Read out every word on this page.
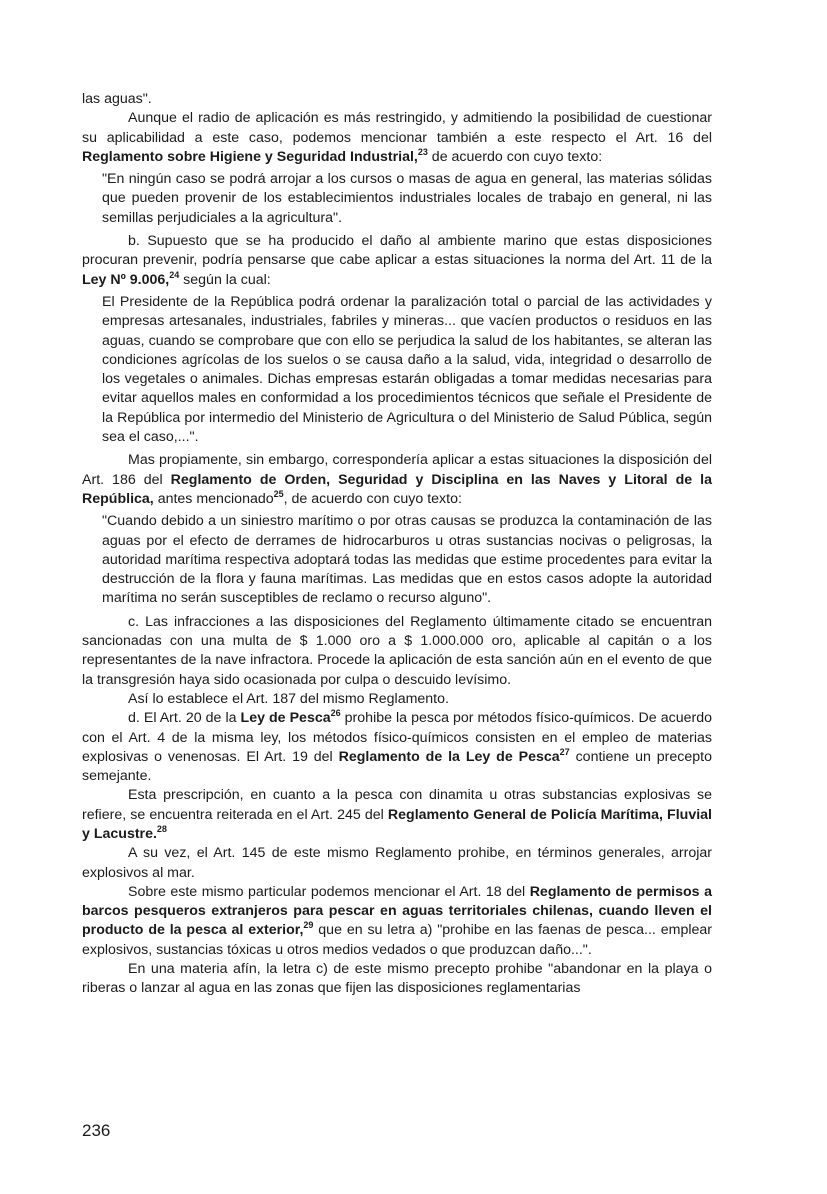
las aguas".

Aunque el radio de aplicación es más restringido, y admitiendo la posibilidad de cuestionar su aplicabilidad a este caso, podemos mencionar también a este respecto el Art. 16 del Reglamento sobre Higiene y Seguridad Industrial,$^{23}$ de acuerdo con cuyo texto:

"En ningún caso se podrá arrojar a los cursos o masas de agua en general, las materias sólidas que pueden provenir de los establecimientos industriales locales de trabajo en general, ni las semillas perjudiciales a la agricultura".

b. Supuesto que se ha producido el daño al ambiente marino que estas disposiciones procuran prevenir, podría pensarse que cabe aplicar a estas situaciones la norma del Art. 11 de la Ley Nº 9.006,24 según la cual:

El Presidente de la República podrá ordenar la paralización total o parcial de las actividades y empresas artesanales, industriales, fabriles y mineras... que vacíen productos o residuos en las aguas, cuando se comprobare que con ello se perjudica la salud de los habitantes, se alteran las condiciones agrícolas de los suelos o se causa daño a la salud, vida, integridad o desarrollo de los vegetales o animales. Dichas empresas estarán obligadas a tomar medidas necesarias para evitar aquellos males en conformidad a los procedimientos técnicos que señale el Presidente de la República por intermedio del Ministerio de Agricultura o del Ministerio de Salud Pública, según sea el caso,...".

Mas propiamente, sin embargo, correspondería aplicar a estas situaciones la disposición del Art. 186 del Reglamento de Orden, Seguridad y Disciplina en las Naves y Litoral de la República, antes mencionado$^{25}$, de acuerdo con cuyo texto:

"Cuando debido a un siniestro marítimo o por otras causas se produzca la contaminación de las aguas por el efecto de derrames de hidrocarburos u otras sustancias nocivas o peligrosas, la autoridad marítima respectiva adoptará todas las medidas que estime procedentes para evitar la destrucción de la flora y fauna marítimas. Las medidas que en estos casos adopte la autoridad marítima no serán susceptibles de reclamo o recurso alguno".

c. Las infracciones a las disposiciones del Reglamento últimamente citado se encuentran sancionadas con una multa de $ 1.000 oro a $ 1.000.000 oro, aplicable al capitán o a los representantes de la nave infractora. Procede la aplicación de esta sanción aún en el evento de que la transgresión haya sido ocasionada por culpa o descuido levísimo.

Así lo establece el Art. 187 del mismo Reglamento.

d. El Art. 20 de la Ley de Pesca$^{26}$ prohibe la pesca por métodos físico-químicos. De acuerdo con el Art. 4 de la misma ley, los métodos físico-químicos consisten en el empleo de materias explosivas o venenosas. El Art. 19 del Reglamento de la Ley de Pesca$^{27}$ contiene un precepto semejante.

Esta prescripción, en cuanto a la pesca con dinamita u otras substancias explosivas se refiere, se encuentra reiterada en el Art. 245 del Reglamento General de Policía Marítima, Fluvial y Lacustre.$^{28}$

A su vez, el Art. 145 de este mismo Reglamento prohibe, en términos generales, arrojar explosivos al mar.

Sobre este mismo particular podemos mencionar el Art. 18 del Reglamento de permisos a barcos pesqueros extranjeros para pescar en aguas territoriales chilenas, cuando lleven el producto de la pesca al exterior,$^{29}$ que en su letra a) "prohibe en las faenas de pesca... emplear explosivos, sustancias tóxicas u otros medios vedados o que produzcan daño...".

En una materia afín, la letra c) de este mismo precepto prohibe "abandonar en la playa o riberas o lanzar al agua en las zonas que fijen las disposiciones reglamentarias

236
